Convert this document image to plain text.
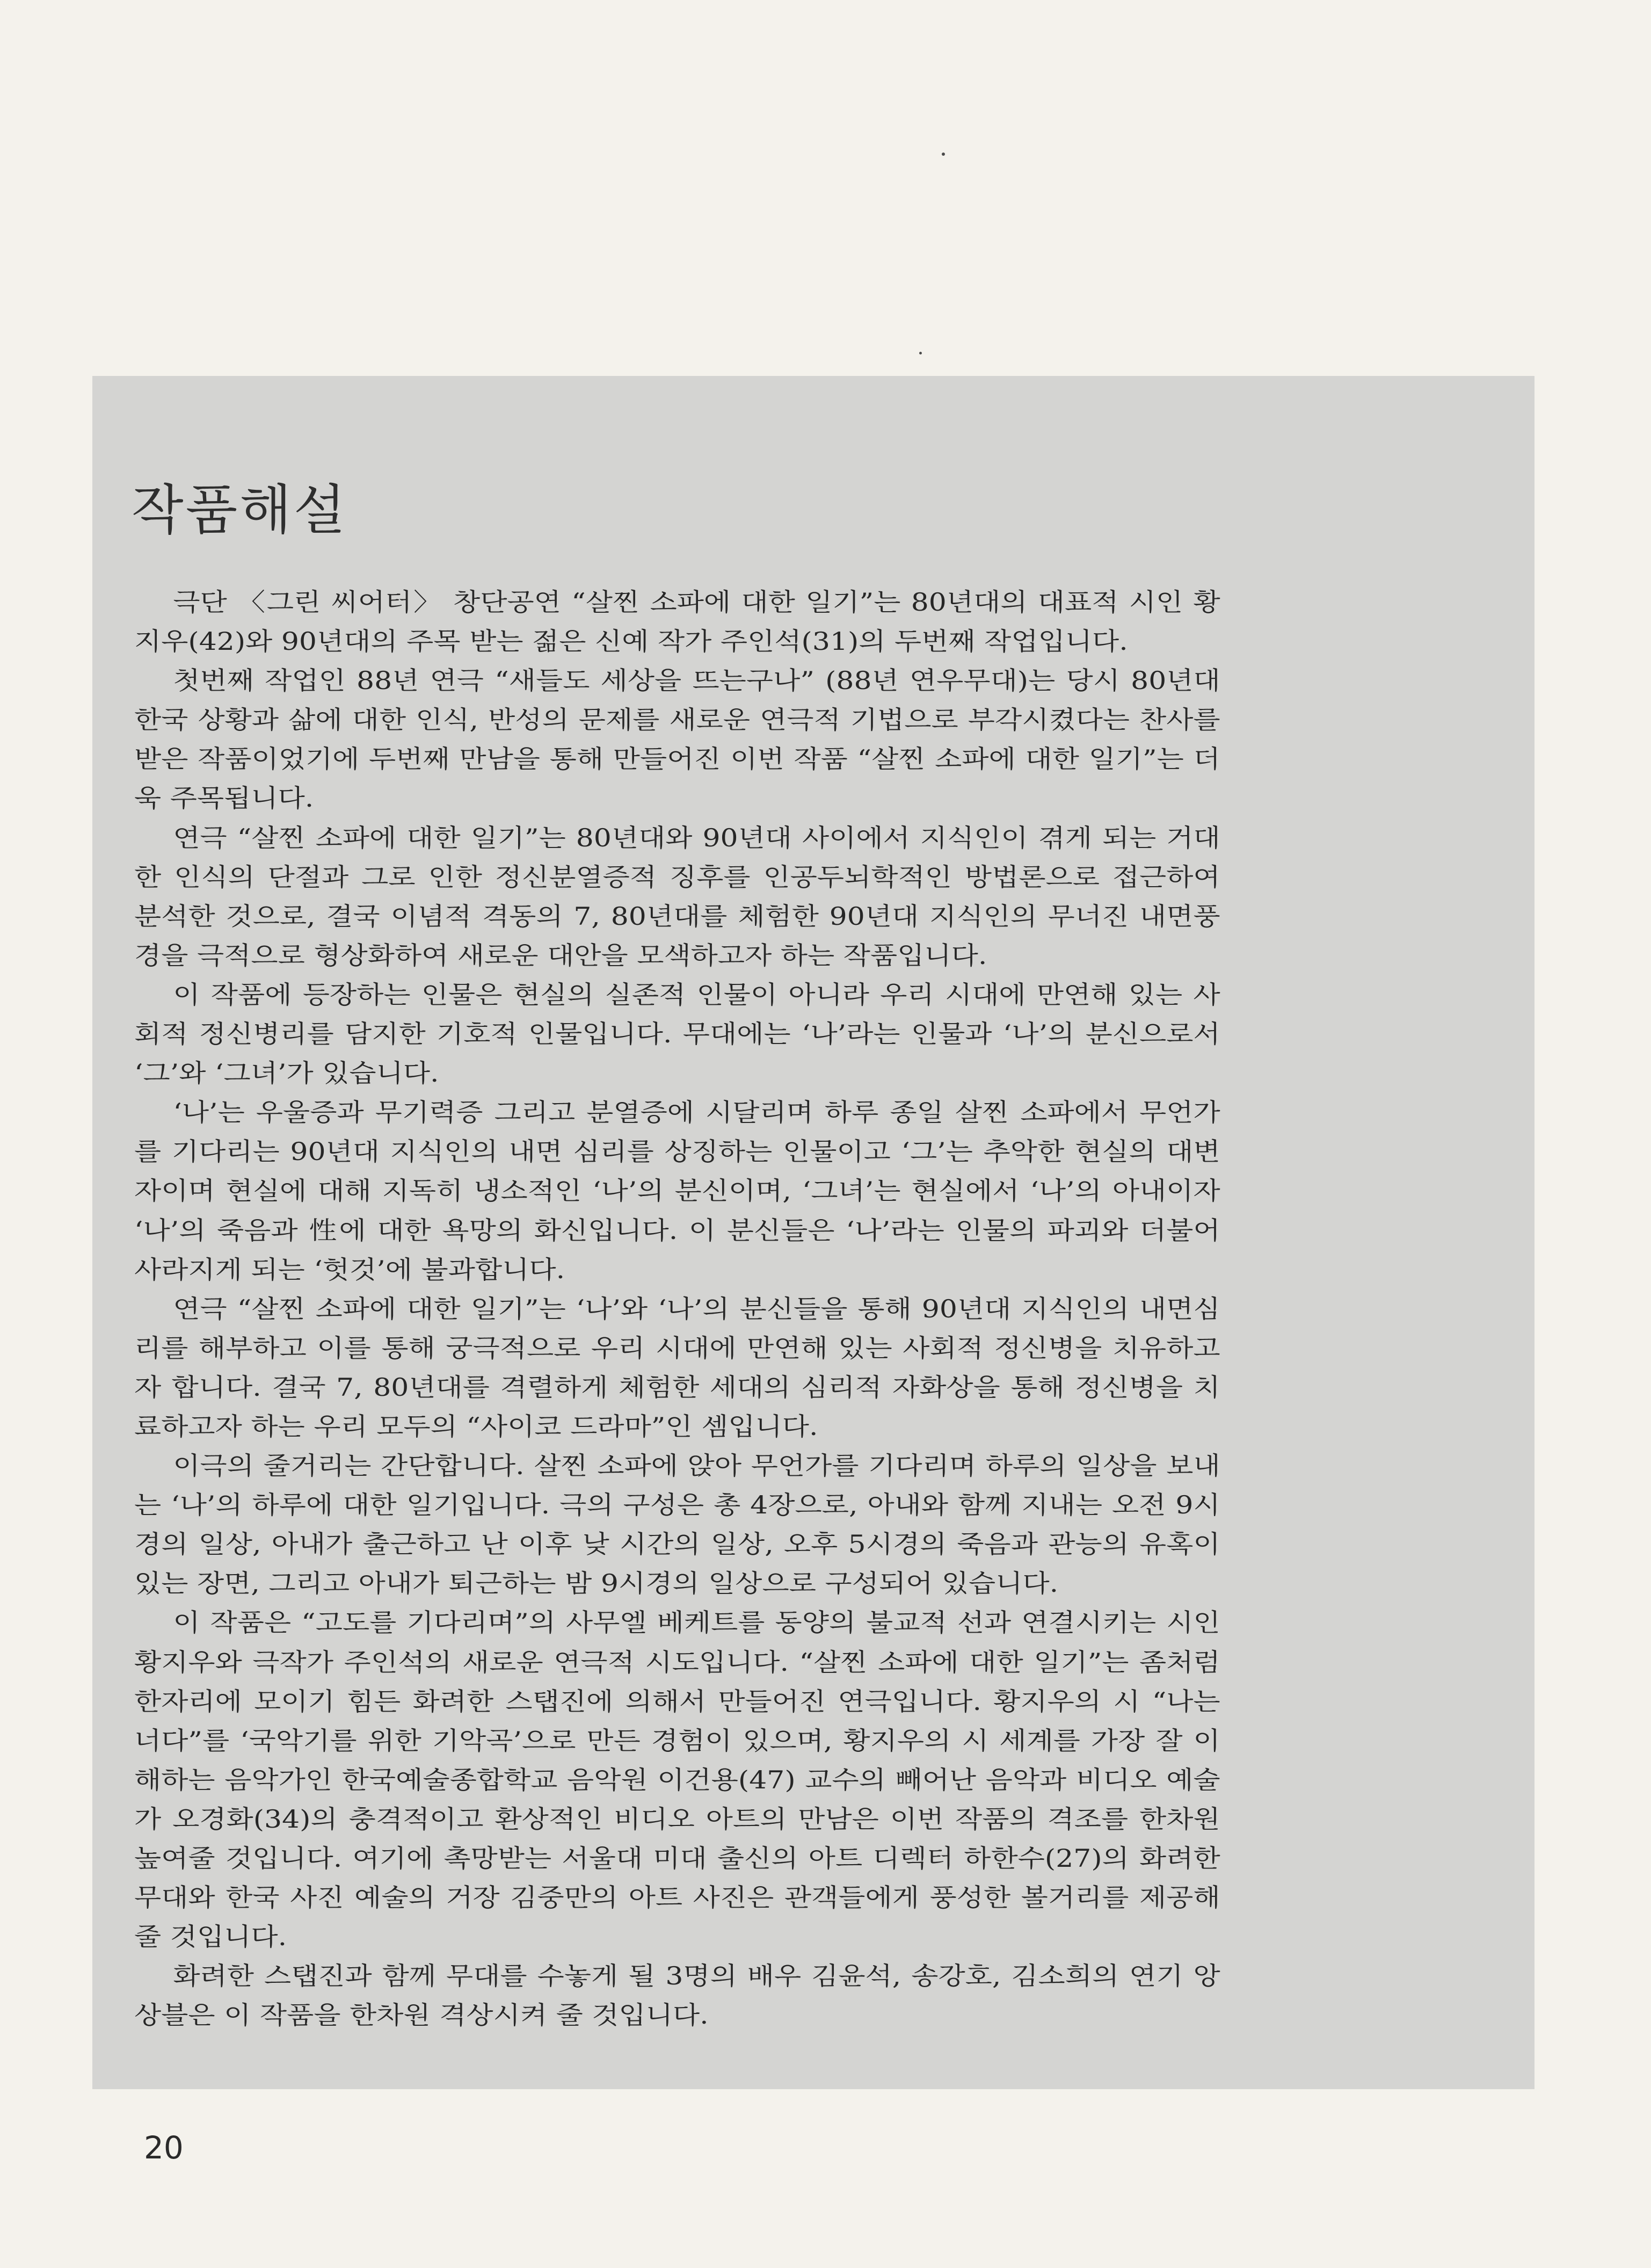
작품해설

극단 〈그린 씨어터〉 창단공연 “살찐 소파에 대한 일기”는 80년대의 대표적 시인 황지우(42)와 90년대의 주목 받는 젊은 신예 작가 주인석(31)의 두번째 작업입니다.

첫번째 작업인 88년 연극 “새들도 세상을 뜨는구나” (88년 연우무대)는 당시 80년대 한국 상황과 삶에 대한 인식, 반성의 문제를 새로운 연극적 기법으로 부각시켰다는 찬사를 받은 작품이었기에 두번째 만남을 통해 만들어진 이번 작품 “살찐 소파에 대한 일기”는 더욱 주목됩니다.

연극 “살찐 소파에 대한 일기”는 80년대와 90년대 사이에서 지식인이 겪게 되는 거대한 인식의 단절과 그로 인한 정신분열증적 징후를 인공두뇌학적인 방법론으로 접근하여 분석한 것으로, 결국 이념적 격동의 7, 80년대를 체험한 90년대 지식인의 무너진 내면풍경을 극적으로 형상화하여 새로운 대안을 모색하고자 하는 작품입니다.

이 작품에 등장하는 인물은 현실의 실존적 인물이 아니라 우리 시대에 만연해 있는 사회적 정신병리를 담지한 기호적 인물입니다. 무대에는 ‘나’라는 인물과 ‘나’의 분신으로서 ‘그’와 ‘그녀’가 있습니다.

‘나’는 우울증과 무기력증 그리고 분열증에 시달리며 하루 종일 살찐 소파에서 무언가를 기다리는 90년대 지식인의 내면 심리를 상징하는 인물이고 ‘그’는 추악한 현실의 대변자이며 현실에 대해 지독히 냉소적인 ‘나’의 분신이며, ‘그녀’는 현실에서 ‘나’의 아내이자 ‘나’의 죽음과 性에 대한 욕망의 화신입니다. 이 분신들은 ‘나’라는 인물의 파괴와 더불어 사라지게 되는 ‘헛것’에 불과합니다.

연극 “살찐 소파에 대한 일기”는 ‘나’와 ‘나’의 분신들을 통해 90년대 지식인의 내면심리를 해부하고 이를 통해 궁극적으로 우리 시대에 만연해 있는 사회적 정신병을 치유하고자 합니다. 결국 7, 80년대를 격렬하게 체험한 세대의 심리적 자화상을 통해 정신병을 치료하고자 하는 우리 모두의 “사이코 드라마”인 셈입니다.

이극의 줄거리는 간단합니다. 살찐 소파에 앉아 무언가를 기다리며 하루의 일상을 보내는 ‘나’의 하루에 대한 일기입니다. 극의 구성은 총 4장으로, 아내와 함께 지내는 오전 9시경의 일상, 아내가 출근하고 난 이후 낮 시간의 일상, 오후 5시경의 죽음과 관능의 유혹이 있는 장면, 그리고 아내가 퇴근하는 밤 9시경의 일상으로 구성되어 있습니다.

이 작품은 “고도를 기다리며”의 사무엘 베케트를 동양의 불교적 선과 연결시키는 시인 황지우와 극작가 주인석의 새로운 연극적 시도입니다. “살찐 소파에 대한 일기”는 좀처럼 한자리에 모이기 힘든 화려한 스탭진에 의해서 만들어진 연극입니다. 황지우의 시 “나는 너다”를 ‘국악기를 위한 기악곡’으로 만든 경험이 있으며, 황지우의 시 세계를 가장 잘 이해하는 음악가인 한국예술종합학교 음악원 이건용(47) 교수의 빼어난 음악과 비디오 예술가 오경화(34)의 충격적이고 환상적인 비디오 아트의 만남은 이번 작품의 격조를 한차원 높여줄 것입니다. 여기에 촉망받는 서울대 미대 출신의 아트 디렉터 하한수(27)의 화려한 무대와 한국 사진 예술의 거장 김중만의 아트 사진은 관객들에게 풍성한 볼거리를 제공해 줄 것입니다.

화려한 스탭진과 함께 무대를 수놓게 될 3명의 배우 김윤석, 송강호, 김소희의 연기 앙상블은 이 작품을 한차원 격상시켜 줄 것입니다.

20
